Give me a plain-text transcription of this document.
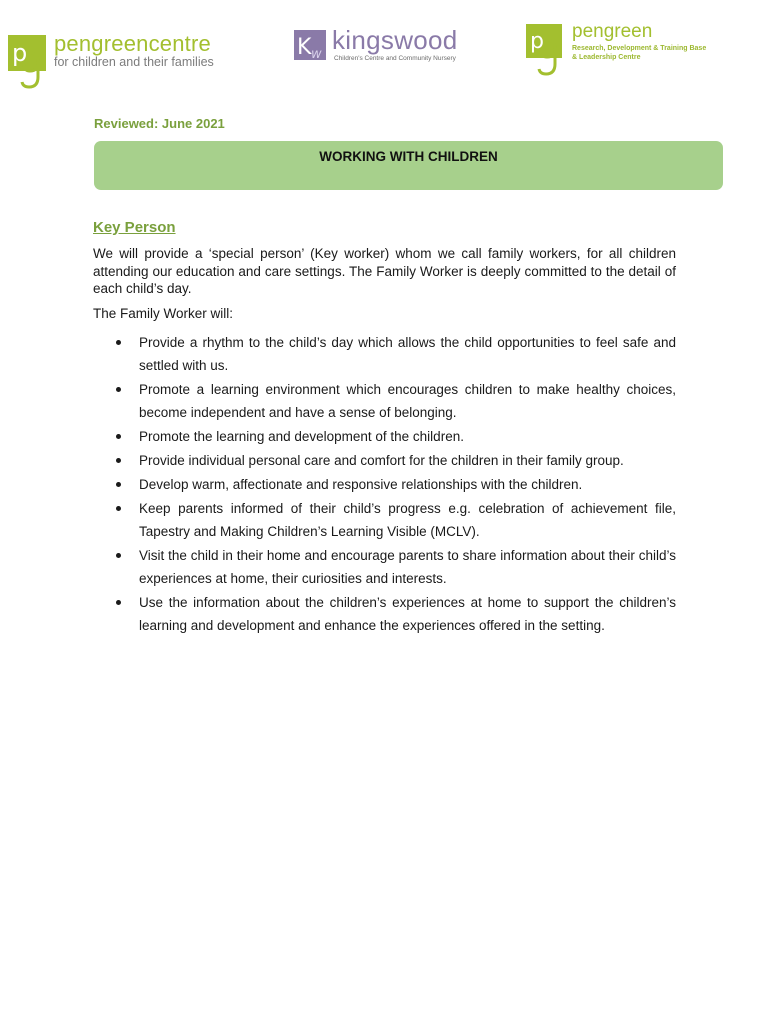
p pengreencentre
for children and their families
K w kingswood
Children's Centre and Community Nursery
p pengreen
Research, Development & Training Base & Leadership Centre
Reviewed: June 2021
WORKING WITH CHILDREN
Key Person

We will provide a ‘special person’ (Key worker) whom we call family workers, for all children attending our education and care settings. The Family Worker is deeply committed to the detail of each child’s day.

The Family Worker will:
Provide a rhythm to the child’s day which allows the child opportunities to feel safe and settled with us.
Promote a learning environment which encourages children to make healthy choices, become independent and have a sense of belonging.
Promote the learning and development of the children.
Provide individual personal care and comfort for the children in their family group.
Develop warm, affectionate and responsive relationships with the children.
Keep parents informed of their child’s progress e.g. celebration of achievement file, Tapestry and Making Children’s Learning Visible (MCLV).
Visit the child in their home and encourage parents to share information about their child’s experiences at home, their curiosities and interests.
Use the information about the children’s experiences at home to support the children’s learning and development and enhance the experiences offered in the setting.
